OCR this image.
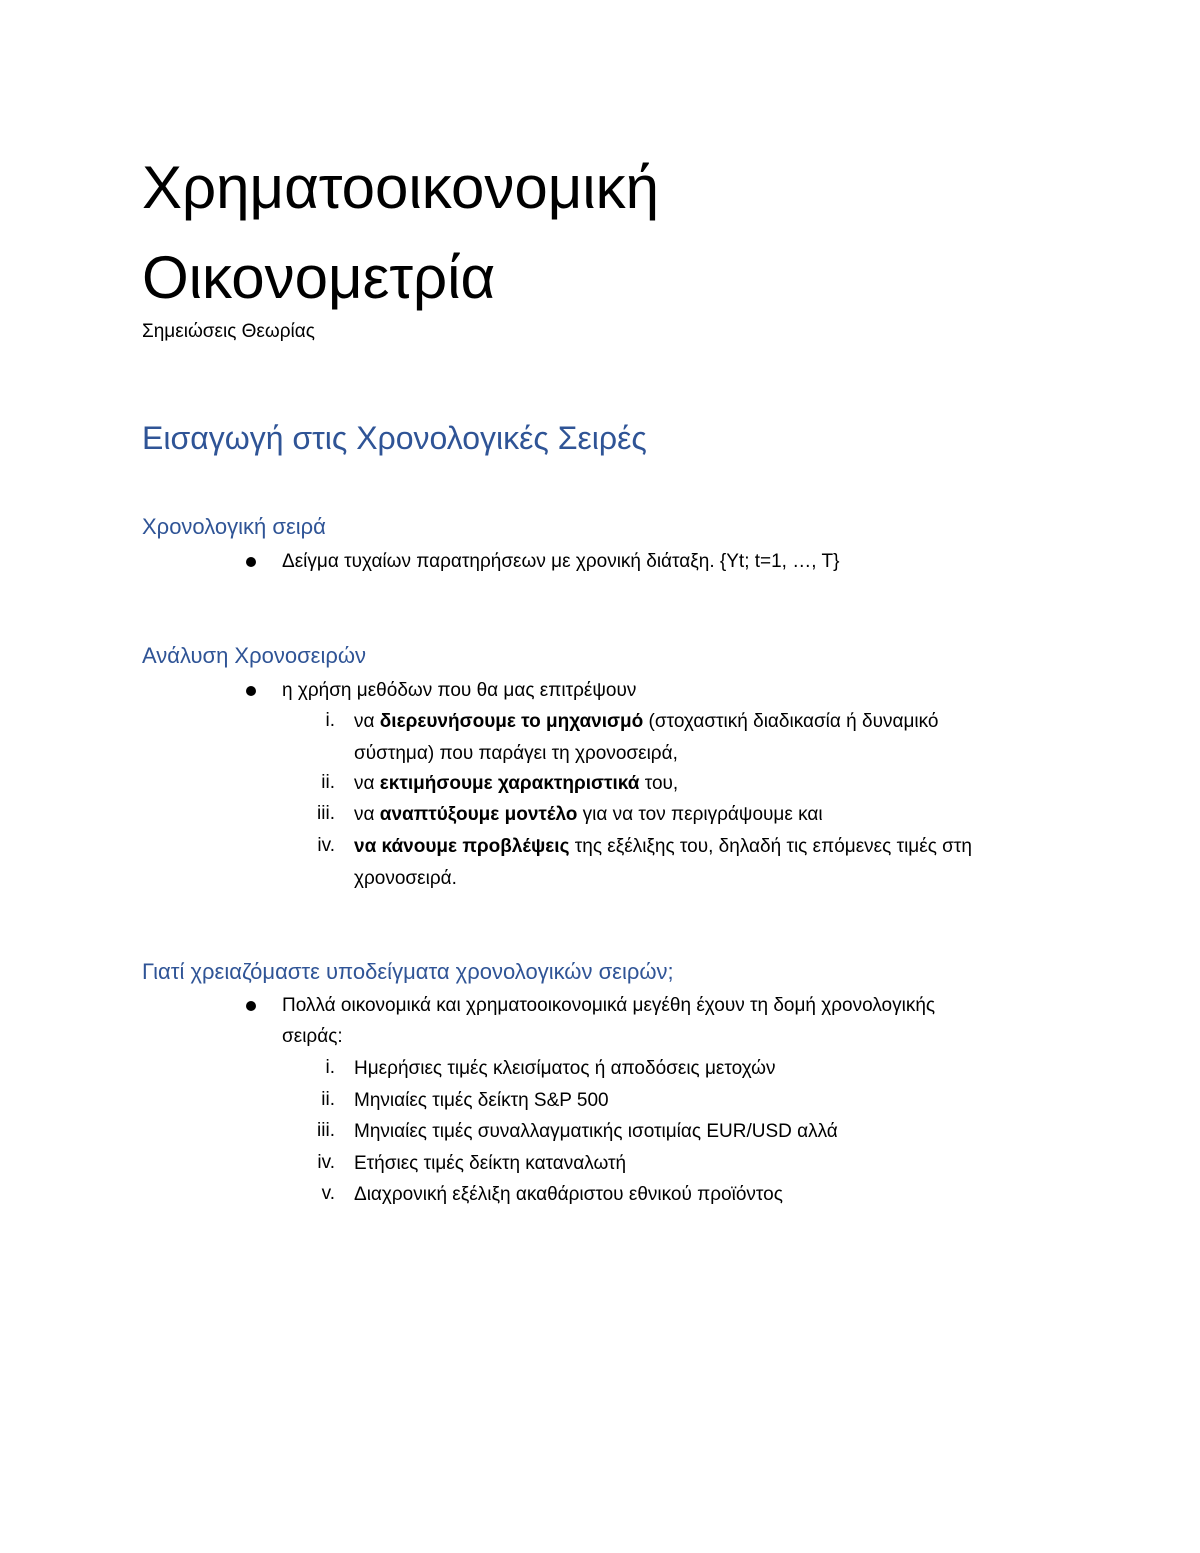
Χρηματοοικονομική
Οικονομετρία

Σημειώσεις Θεωρίας

Εισαγωγή στις Χρονολογικές Σειρές
Χρονολογική σειρά

Δείγμα τυχαίων παρατηρήσεων με χρονική διάταξη. {Yt; t=1, …, T}

Ανάλυση Χρονοσειρών

η χρήση μεθόδων που θα μας επιτρέψουν

i. να διερευνήσουμε το μηχανισμό (στοχαστική διαδικασία ή δυναμικό

σύστημα) που παράγει τη χρονοσειρά,

ii. να εκτιμήσουμε χαρακτηριστικά του,

iii. να αναπτύξουμε μοντέλο για να τον περιγράψουμε και

iv. να κάνουμε προβλέψεις της εξέλιξης του, δηλαδή τις επόμενες τιμές στη

χρονοσειρά.

Γιατί χρειαζόμαστε υποδείγματα χρονολογικών σειρών;

Πολλά οικονομικά και χρηματοοικονομικά μεγέθη έχουν τη δομή χρονολογικής

σειράς:

i. Ημερήσιες τιμές κλεισίματος ή αποδόσεις μετοχών

ii. Μηνιαίες τιμές δείκτη S&P 500

iii. Μηνιαίες τιμές συναλλαγματικής ισοτιμίας EUR/USD αλλά

iv. Ετήσιες τιμές δείκτη καταναλωτή

v. Διαχρονική εξέλιξη ακαθάριστου εθνικού προϊόντος
